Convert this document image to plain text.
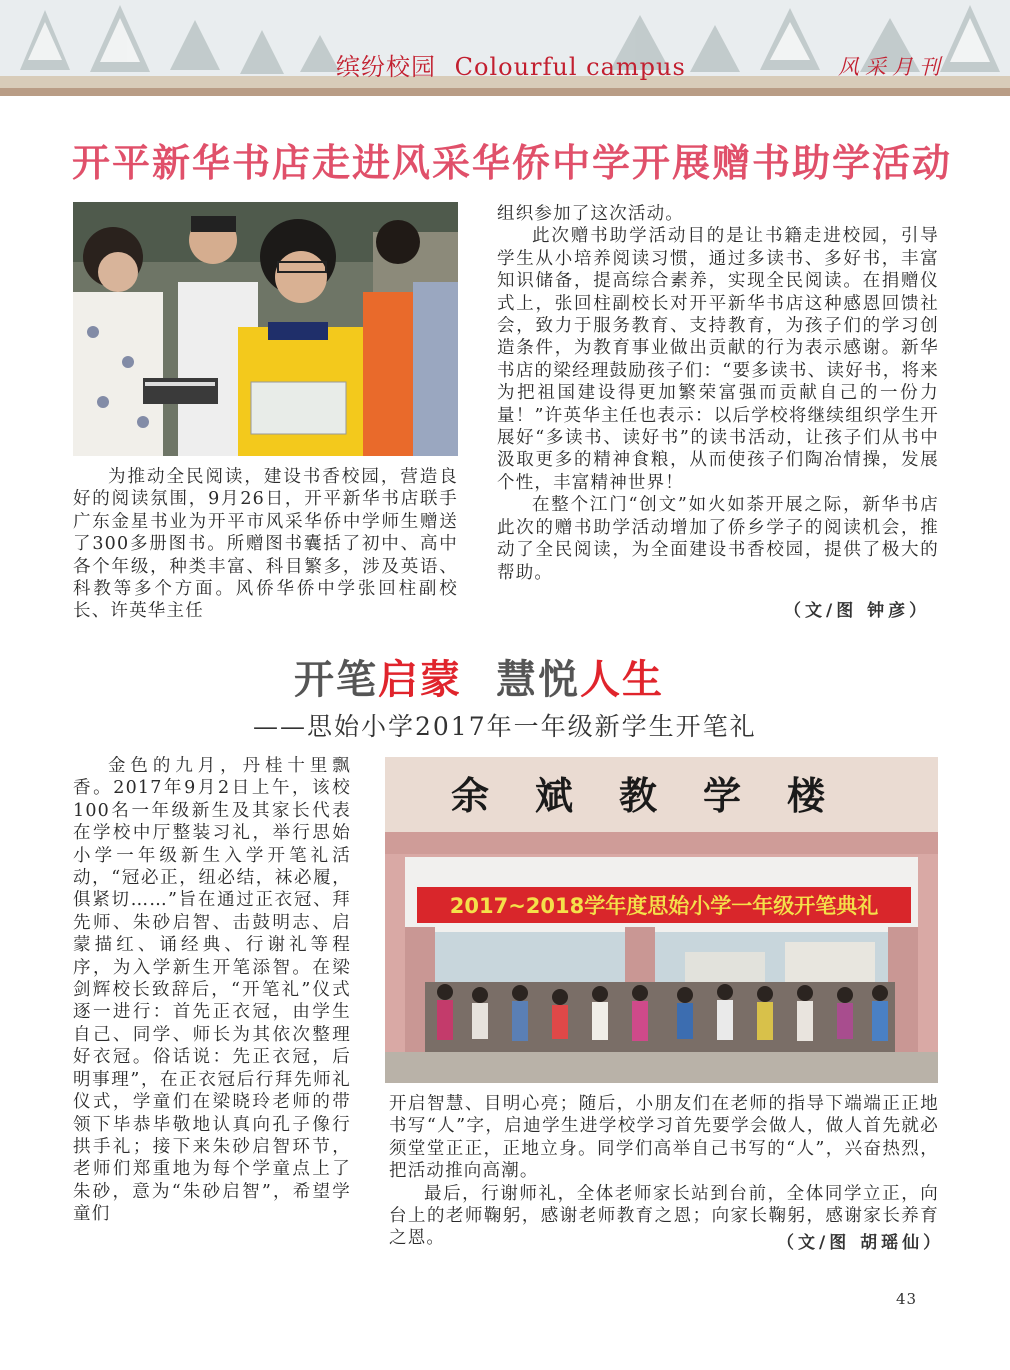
缤纷校园 Colourful campus	风采月刊
开平新华书店走进风采华侨中学开展赠书助学活动

为推动全民阅读，建设书香校园，营造良好的阅读氛围，9月26日，开平新华书店联手广东金星书业为开平市风采华侨中学师生赠送了300多册图书。所赠图书囊括了初中、高中各个年级，种类丰富、科目繁多，涉及英语、科教等多个方面。风侨华侨中学张回柱副校长、许英华主任

组织参加了这次活动。

此次赠书助学活动目的是让书籍走进校园，引导学生从小培养阅读习惯，通过多读书、多好书，丰富知识储备，提高综合素养，实现全民阅读。在捐赠仪式上，张回柱副校长对开平新华书店这种感恩回馈社会，致力于服务教育、支持教育，为孩子们的学习创造条件，为教育事业做出贡献的行为表示感谢。新华书店的梁经理鼓励孩子们：“要多读书、读好书，将来为把祖国建设得更加繁荣富强而贡献自己的一份力量！”许英华主任也表示：以后学校将继续组织学生开展好“多读书、读好书”的读书活动，让孩子们从书中汲取更多的精神食粮，从而使孩子们陶冶情操，发展个性，丰富精神世界！

在整个江门“创文”如火如荼开展之际，新华书店此次的赠书助学活动增加了侨乡学子的阅读机会，推动了全民阅读，为全面建设书香校园，提供了极大的帮助。

（文/图 钟彦）
开笔启蒙 慧悦人生
——思始小学2017年一年级新学生开笔礼

金色的九月，丹桂十里飘香。2017年9月2日上午，该校100名一年级新生及其家长代表在学校中厅整装习礼，举行思始小学一年级新生入学开笔礼活动，“冠必正，纽必结，袜必履，俱紧切……”旨在通过正衣冠、拜先师、朱砂启智、击鼓明志、启蒙描红、诵经典、行谢礼等程序，为入学新生开笔添智。在梁剑辉校长致辞后，“开笔礼”仪式逐一进行：首先正衣冠，由学生自己、同学、师长为其依次整理好衣冠。俗话说：先正衣冠，后明事理”，在正衣冠后行拜先师礼仪式，学童们在梁晓玲老师的带领下毕恭毕敬地认真向孔子像行拱手礼；接下来朱砂启智环节，老师们郑重地为每个学童点上了朱砂，意为“朱砂启智”，希望学童们

余斌教学楼
2017~2018学年度思始小学一年级开笔典礼

开启智慧、目明心亮；随后，小朋友们在老师的指导下端端正正地书写“人”字，启迪学生进学校学习首先要学会做人，做人首先就必须堂堂正正，正地立身。同学们高举自己书写的“人”，兴奋热烈，把活动推向高潮。

最后，行谢师礼，全体老师家长站到台前，全体同学立正，向台上的老师鞠躬，感谢老师教育之恩；向家长鞠躬，感谢家长养育之恩。	（文/图 胡瑶仙）
43
